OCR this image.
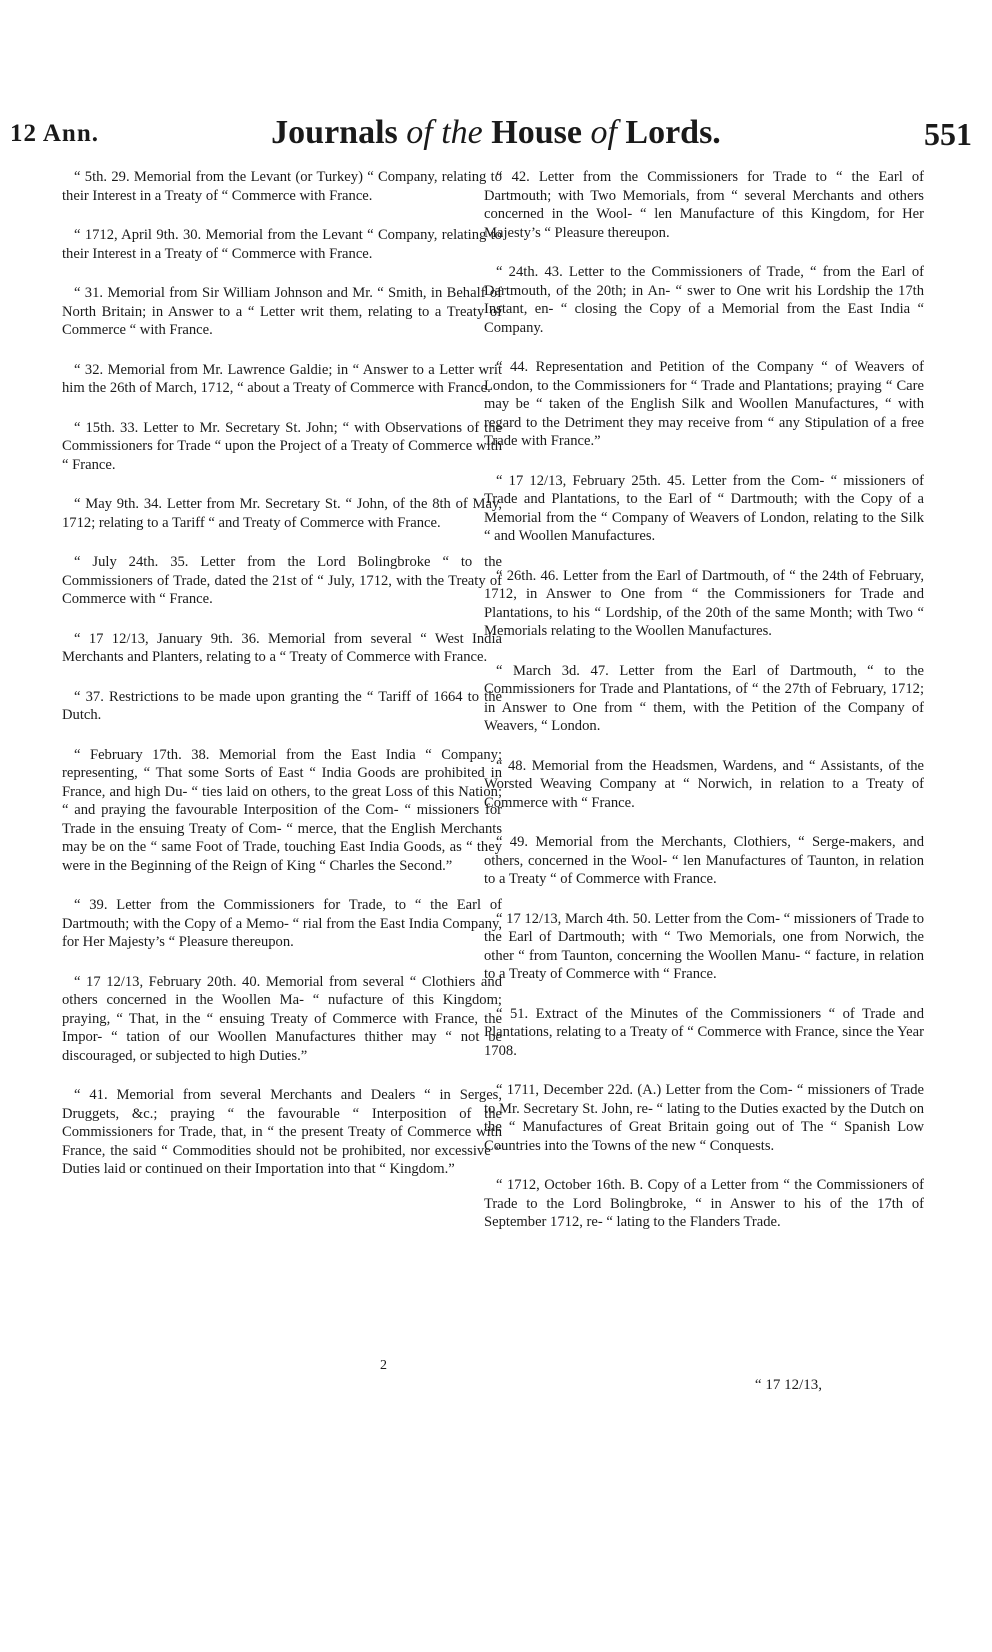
12 Ann.	Journals of the House of Lords.	551

“ 5th. 29. Memorial from the Levant (or Turkey) “ Company, relating to their Interest in a Treaty of “ Commerce with France.

“ 1712, April 9th. 30. Memorial from the Levant “ Company, relating to their Interest in a Treaty of “ Commerce with France.

“ 31. Memorial from Sir William Johnson and Mr. “ Smith, in Behalf of North Britain; in Answer to a “ Letter writ them, relating to a Treaty of Commerce “ with France.

“ 32. Memorial from Mr. Lawrence Galdie; in “ Answer to a Letter writ him the 26th of March, 1712, “ about a Treaty of Commerce with France.

“ 15th. 33. Letter to Mr. Secretary St. John; “ with Observations of the Commissioners for Trade “ upon the Project of a Treaty of Commerce with “ France.

“ May 9th. 34. Letter from Mr. Secretary St. “ John, of the 8th of May, 1712; relating to a Tariff “ and Treaty of Commerce with France.

“ July 24th. 35. Letter from the Lord Bolingbroke “ to the Commissioners of Trade, dated the 21st of “ July, 1712, with the Treaty of Commerce with “ France.

“ 17 12/13, January 9th. 36. Memorial from several “ West India Merchants and Planters, relating to a “ Treaty of Commerce with France.

“ 37. Restrictions to be made upon granting the “ Tariff of 1664 to the Dutch.

“ February 17th. 38. Memorial from the East India “ Company; representing, “ That some Sorts of East “ India Goods are prohibited in France, and high Du- “ ties laid on others, to the great Loss of this Nation; “ and praying the favourable Interposition of the Com- “ missioners for Trade in the ensuing Treaty of Com- “ merce, that the English Merchants may be on the “ same Foot of Trade, touching East India Goods, as “ they were in the Beginning of the Reign of King “ Charles the Second.”

“ 39. Letter from the Commissioners for Trade, to “ the Earl of Dartmouth; with the Copy of a Memo- “ rial from the East India Company, for Her Majesty’s “ Pleasure thereupon.

“ 17 12/13, February 20th. 40. Memorial from several “ Clothiers and others concerned in the Woollen Ma- “ nufacture of this Kingdom; praying, “ That, in the “ ensuing Treaty of Commerce with France, the Impor- “ tation of our Woollen Manufactures thither may “ not be discouraged, or subjected to high Duties.”

“ 41. Memorial from several Merchants and Dealers “ in Serges, Druggets, &c.; praying “ the favourable “ Interposition of the Commissioners for Trade, that, in “ the present Treaty of Commerce with France, the said “ Commodities should not be prohibited, nor excessive “ Duties laid or continued on their Importation into that “ Kingdom.”

“ 42. Letter from the Commissioners for Trade to “ the Earl of Dartmouth; with Two Memorials, from “ several Merchants and others concerned in the Wool- “ len Manufacture of this Kingdom, for Her Majesty’s “ Pleasure thereupon.

“ 24th. 43. Letter to the Commissioners of Trade, “ from the Earl of Dartmouth, of the 20th; in An- “ swer to One writ his Lordship the 17th Instant, en- “ closing the Copy of a Memorial from the East India “ Company.

“ 44. Representation and Petition of the Company “ of Weavers of London, to the Commissioners for “ Trade and Plantations; praying “ Care may be “ taken of the English Silk and Woollen Manufactures, “ with regard to the Detriment they may receive from “ any Stipulation of a free Trade with France.”

“ 17 12/13, February 25th. 45. Letter from the Com- “ missioners of Trade and Plantations, to the Earl of “ Dartmouth; with the Copy of a Memorial from the “ Company of Weavers of London, relating to the Silk “ and Woollen Manufactures.

“ 26th. 46. Letter from the Earl of Dartmouth, of “ the 24th of February, 1712, in Answer to One from “ the Commissioners for Trade and Plantations, to his “ Lordship, of the 20th of the same Month; with Two “ Memorials relating to the Woollen Manufactures.

“ March 3d. 47. Letter from the Earl of Dartmouth, “ to the Commissioners for Trade and Plantations, of “ the 27th of February, 1712; in Answer to One from “ them, with the Petition of the Company of Weavers, “ London.

“ 48. Memorial from the Headsmen, Wardens, and “ Assistants, of the Worsted Weaving Company at “ Norwich, in relation to a Treaty of Commerce with “ France.

“ 49. Memorial from the Merchants, Clothiers, “ Serge-makers, and others, concerned in the Wool- “ len Manufactures of Taunton, in relation to a Treaty “ of Commerce with France.

“ 17 12/13, March 4th. 50. Letter from the Com- “ missioners of Trade to the Earl of Dartmouth; with “ Two Memorials, one from Norwich, the other “ from Taunton, concerning the Woollen Manu- “ facture, in relation to a Treaty of Commerce with “ France.

“ 51. Extract of the Minutes of the Commissioners “ of Trade and Plantations, relating to a Treaty of “ Commerce with France, since the Year 1708.

“ 1711, December 22d. (A.) Letter from the Com- “ missioners of Trade to Mr. Secretary St. John, re- “ lating to the Duties exacted by the Dutch on the “ Manufactures of Great Britain going out of The “ Spanish Low Countries into the Towns of the new “ Conquests.

“ 1712, October 16th. B. Copy of a Letter from “ the Commissioners of Trade to the Lord Bolingbroke, “ in Answer to his of the 17th of September 1712, re- “ lating to the Flanders Trade.

2
“ 17 12/13,
